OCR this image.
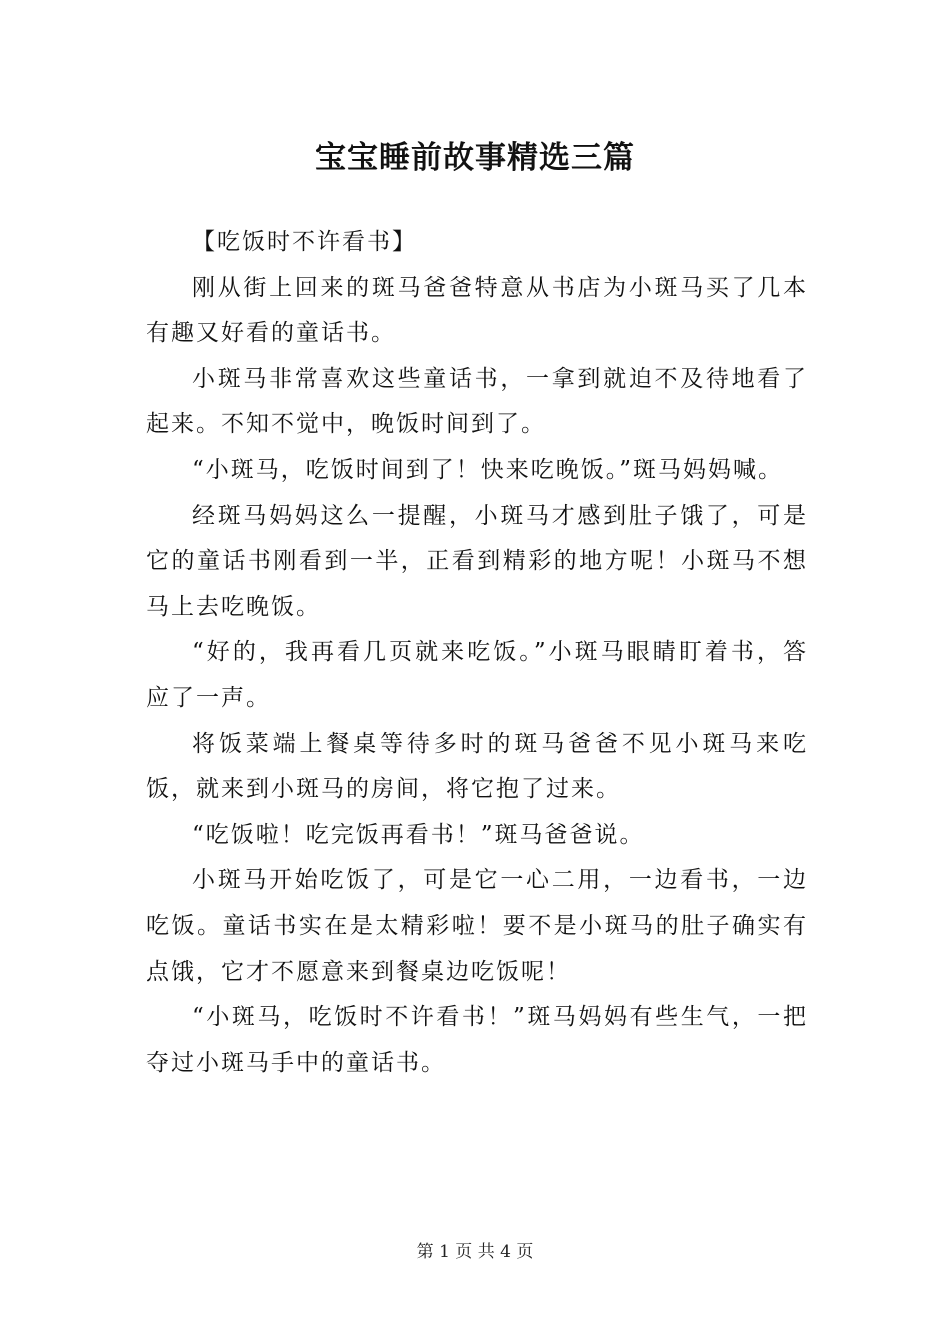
宝宝睡前故事精选三篇

【吃饭时不许看书】

刚从街上回来的斑马爸爸特意从书店为小斑马买了几本有趣又好看的童话书。

小斑马非常喜欢这些童话书，一拿到就迫不及待地看了起来。不知不觉中，晚饭时间到了。

“小斑马，吃饭时间到了！快来吃晚饭。”斑马妈妈喊。

经斑马妈妈这么一提醒，小斑马才感到肚子饿了，可是它的童话书刚看到一半，正看到精彩的地方呢！小斑马不想马上去吃晚饭。

“好的，我再看几页就来吃饭。”小斑马眼睛盯着书，答应了一声。

将饭菜端上餐桌等待多时的斑马爸爸不见小斑马来吃饭，就来到小斑马的房间，将它抱了过来。

“吃饭啦！吃完饭再看书！”斑马爸爸说。

小斑马开始吃饭了，可是它一心二用，一边看书，一边吃饭。童话书实在是太精彩啦！要不是小斑马的肚子确实有点饿，它才不愿意来到餐桌边吃饭呢！

“小斑马，吃饭时不许看书！”斑马妈妈有些生气，一把夺过小斑马手中的童话书。

第 1 页 共 4 页
